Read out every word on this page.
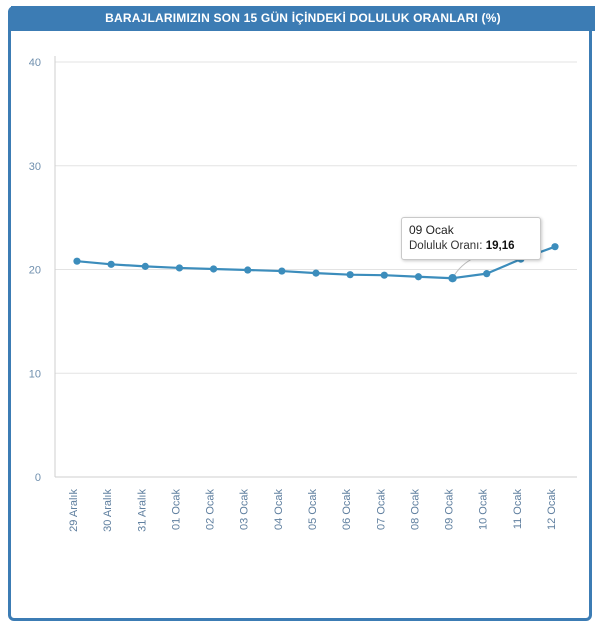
BARAJLARIMIZIN SON 15 GÜN İÇİNDEKİ DOLULUK ORANLARI (%)
0
10
20
30
40
29 Aralık 30 Aralık 31 Aralık 01 Ocak 02 Ocak 03 Ocak 04 Ocak 05 Ocak 06 Ocak 07 Ocak 08 Ocak 09 Ocak 10 Ocak 11 Ocak 12 Ocak
09 Ocak
Doluluk Oranı: 19,16
